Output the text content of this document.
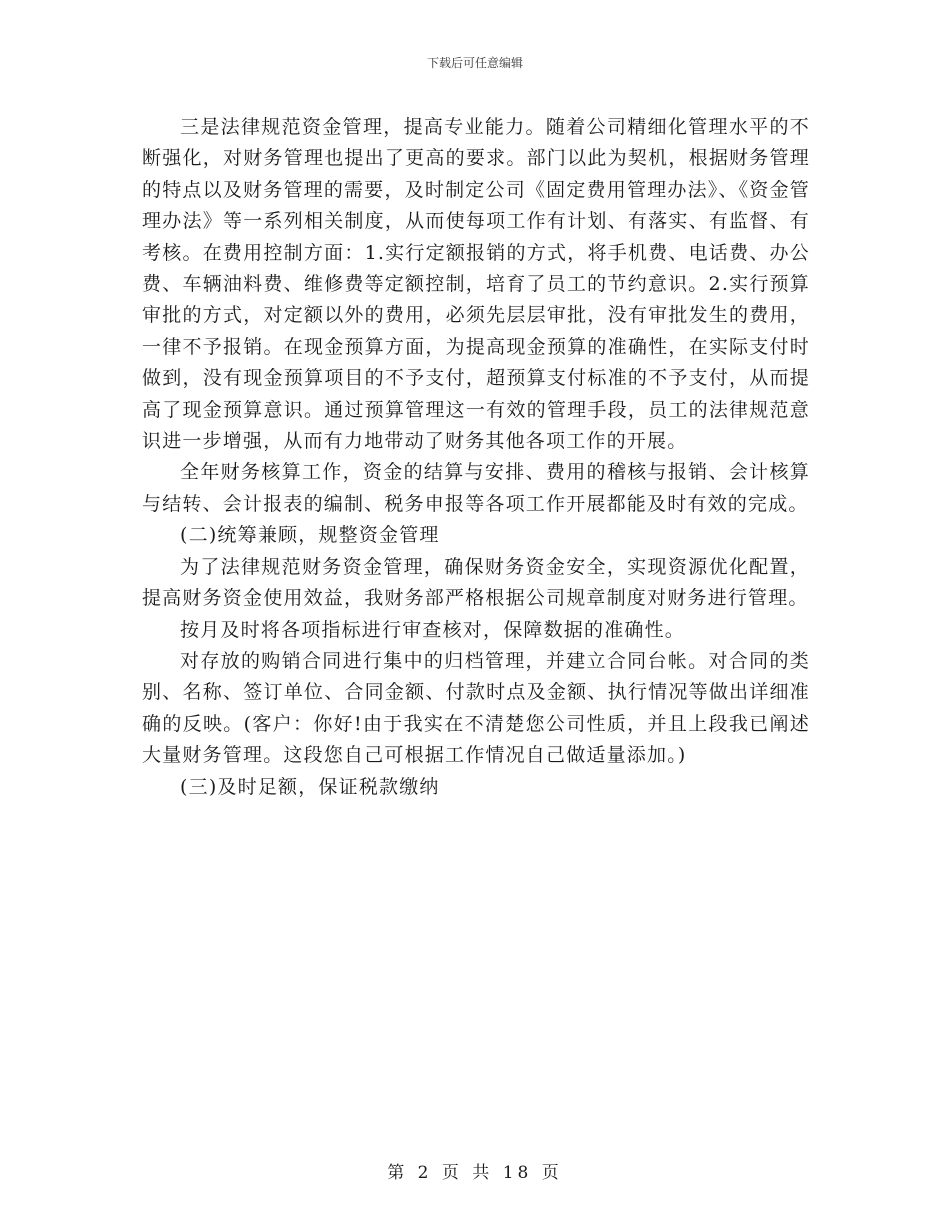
下载后可任意编辑

三是法律规范资金管理，提高专业能力。随着公司精细化管理水平的不断强化，对财务管理也提出了更高的要求。部门以此为契机，根据财务管理的特点以及财务管理的需要，及时制定公司《固定费用管理办法》、《资金管理办法》等一系列相关制度，从而使每项工作有计划、有落实、有监督、有考核。在费用控制方面：1.实行定额报销的方式，将手机费、电话费、办公费、车辆油料费、维修费等定额控制，培育了员工的节约意识。2.实行预算审批的方式，对定额以外的费用，必须先层层审批，没有审批发生的费用，一律不予报销。在现金预算方面，为提高现金预算的准确性，在实际支付时做到，没有现金预算项目的不予支付，超预算支付标准的不予支付，从而提高了现金预算意识。通过预算管理这一有效的管理手段，员工的法律规范意识进一步增强，从而有力地带动了财务其他各项工作的开展。

全年财务核算工作，资金的结算与安排、费用的稽核与报销、会计核算与结转、会计报表的编制、税务申报等各项工作开展都能及时有效的完成。

(二)统筹兼顾，规整资金管理

为了法律规范财务资金管理，确保财务资金安全，实现资源优化配置，提高财务资金使用效益，我财务部严格根据公司规章制度对财务进行管理。

按月及时将各项指标进行审查核对，保障数据的准确性。

对存放的购销合同进行集中的归档管理，并建立合同台帐。对合同的类别、名称、签订单位、合同金额、付款时点及金额、执行情况等做出详细准确的反映。(客户：你好!由于我实在不清楚您公司性质，并且上段我已阐述大量财务管理。这段您自己可根据工作情况自己做适量添加。)

(三)及时足额，保证税款缴纳

第 2 页 共 18 页
